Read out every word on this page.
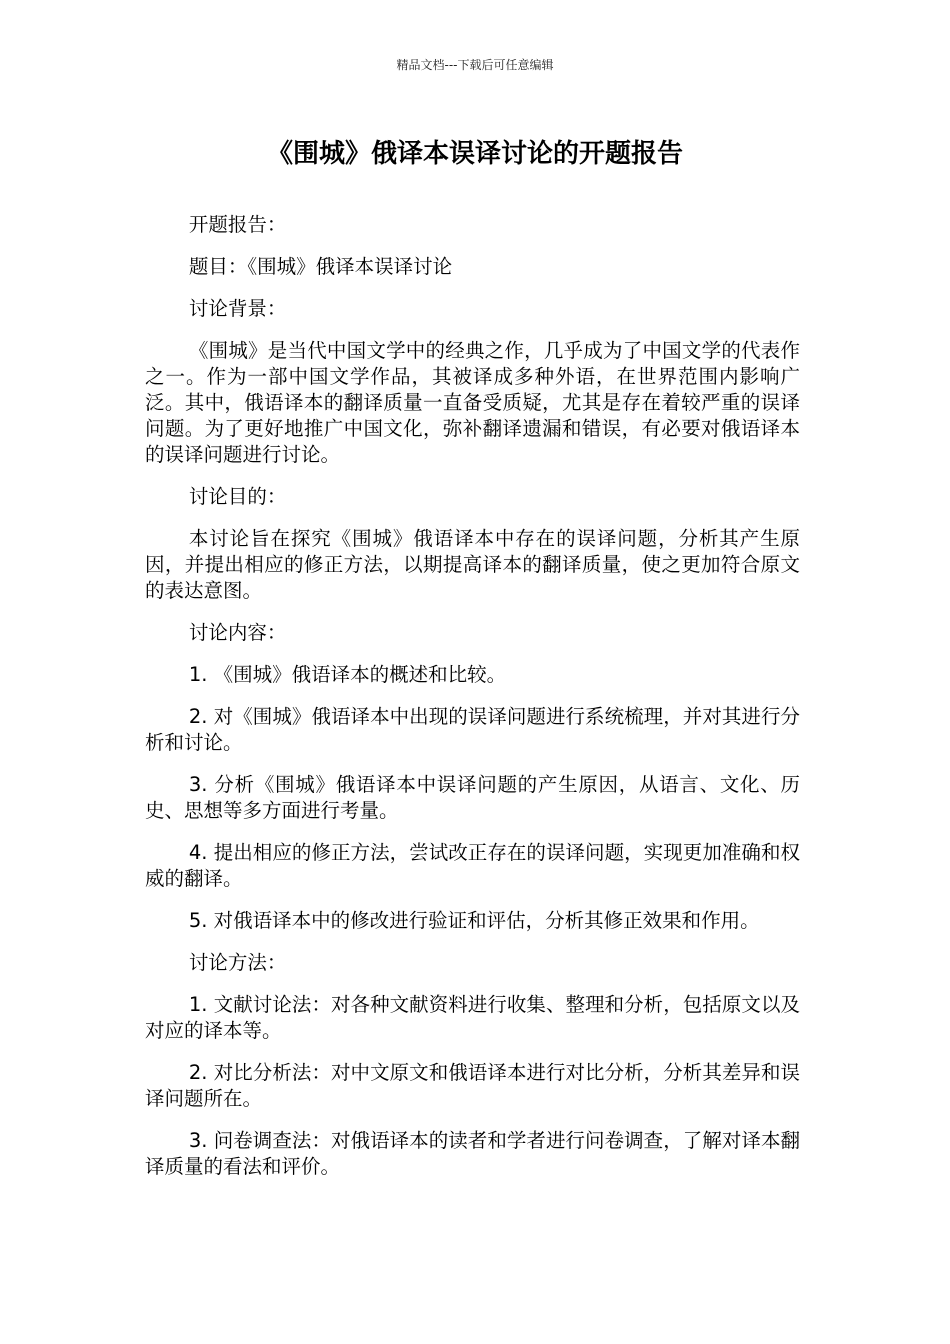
精品文档---下载后可任意编辑
《围城》俄译本误译讨论的开题报告

开题报告：

题目：《围城》俄译本误译讨论

讨论背景：

《围城》是当代中国文学中的经典之作，几乎成为了中国文学的代表作之一。作为一部中国文学作品，其被译成多种外语，在世界范围内影响广泛。其中，俄语译本的翻译质量一直备受质疑，尤其是存在着较严重的误译问题。为了更好地推广中国文化，弥补翻译遗漏和错误，有必要对俄语译本的误译问题进行讨论。

讨论目的：

本讨论旨在探究《围城》俄语译本中存在的误译问题，分析其产生原因，并提出相应的修正方法，以期提高译本的翻译质量，使之更加符合原文的表达意图。

讨论内容：

1. 《围城》俄语译本的概述和比较。

2. 对《围城》俄语译本中出现的误译问题进行系统梳理，并对其进行分析和讨论。

3. 分析《围城》俄语译本中误译问题的产生原因，从语言、文化、历史、思想等多方面进行考量。

4. 提出相应的修正方法，尝试改正存在的误译问题，实现更加准确和权威的翻译。

5. 对俄语译本中的修改进行验证和评估，分析其修正效果和作用。

讨论方法：

1. 文献讨论法：对各种文献资料进行收集、整理和分析，包括原文以及对应的译本等。

2. 对比分析法：对中文原文和俄语译本进行对比分析，分析其差异和误译问题所在。

3. 问卷调查法：对俄语译本的读者和学者进行问卷调查，了解对译本翻译质量的看法和评价。
